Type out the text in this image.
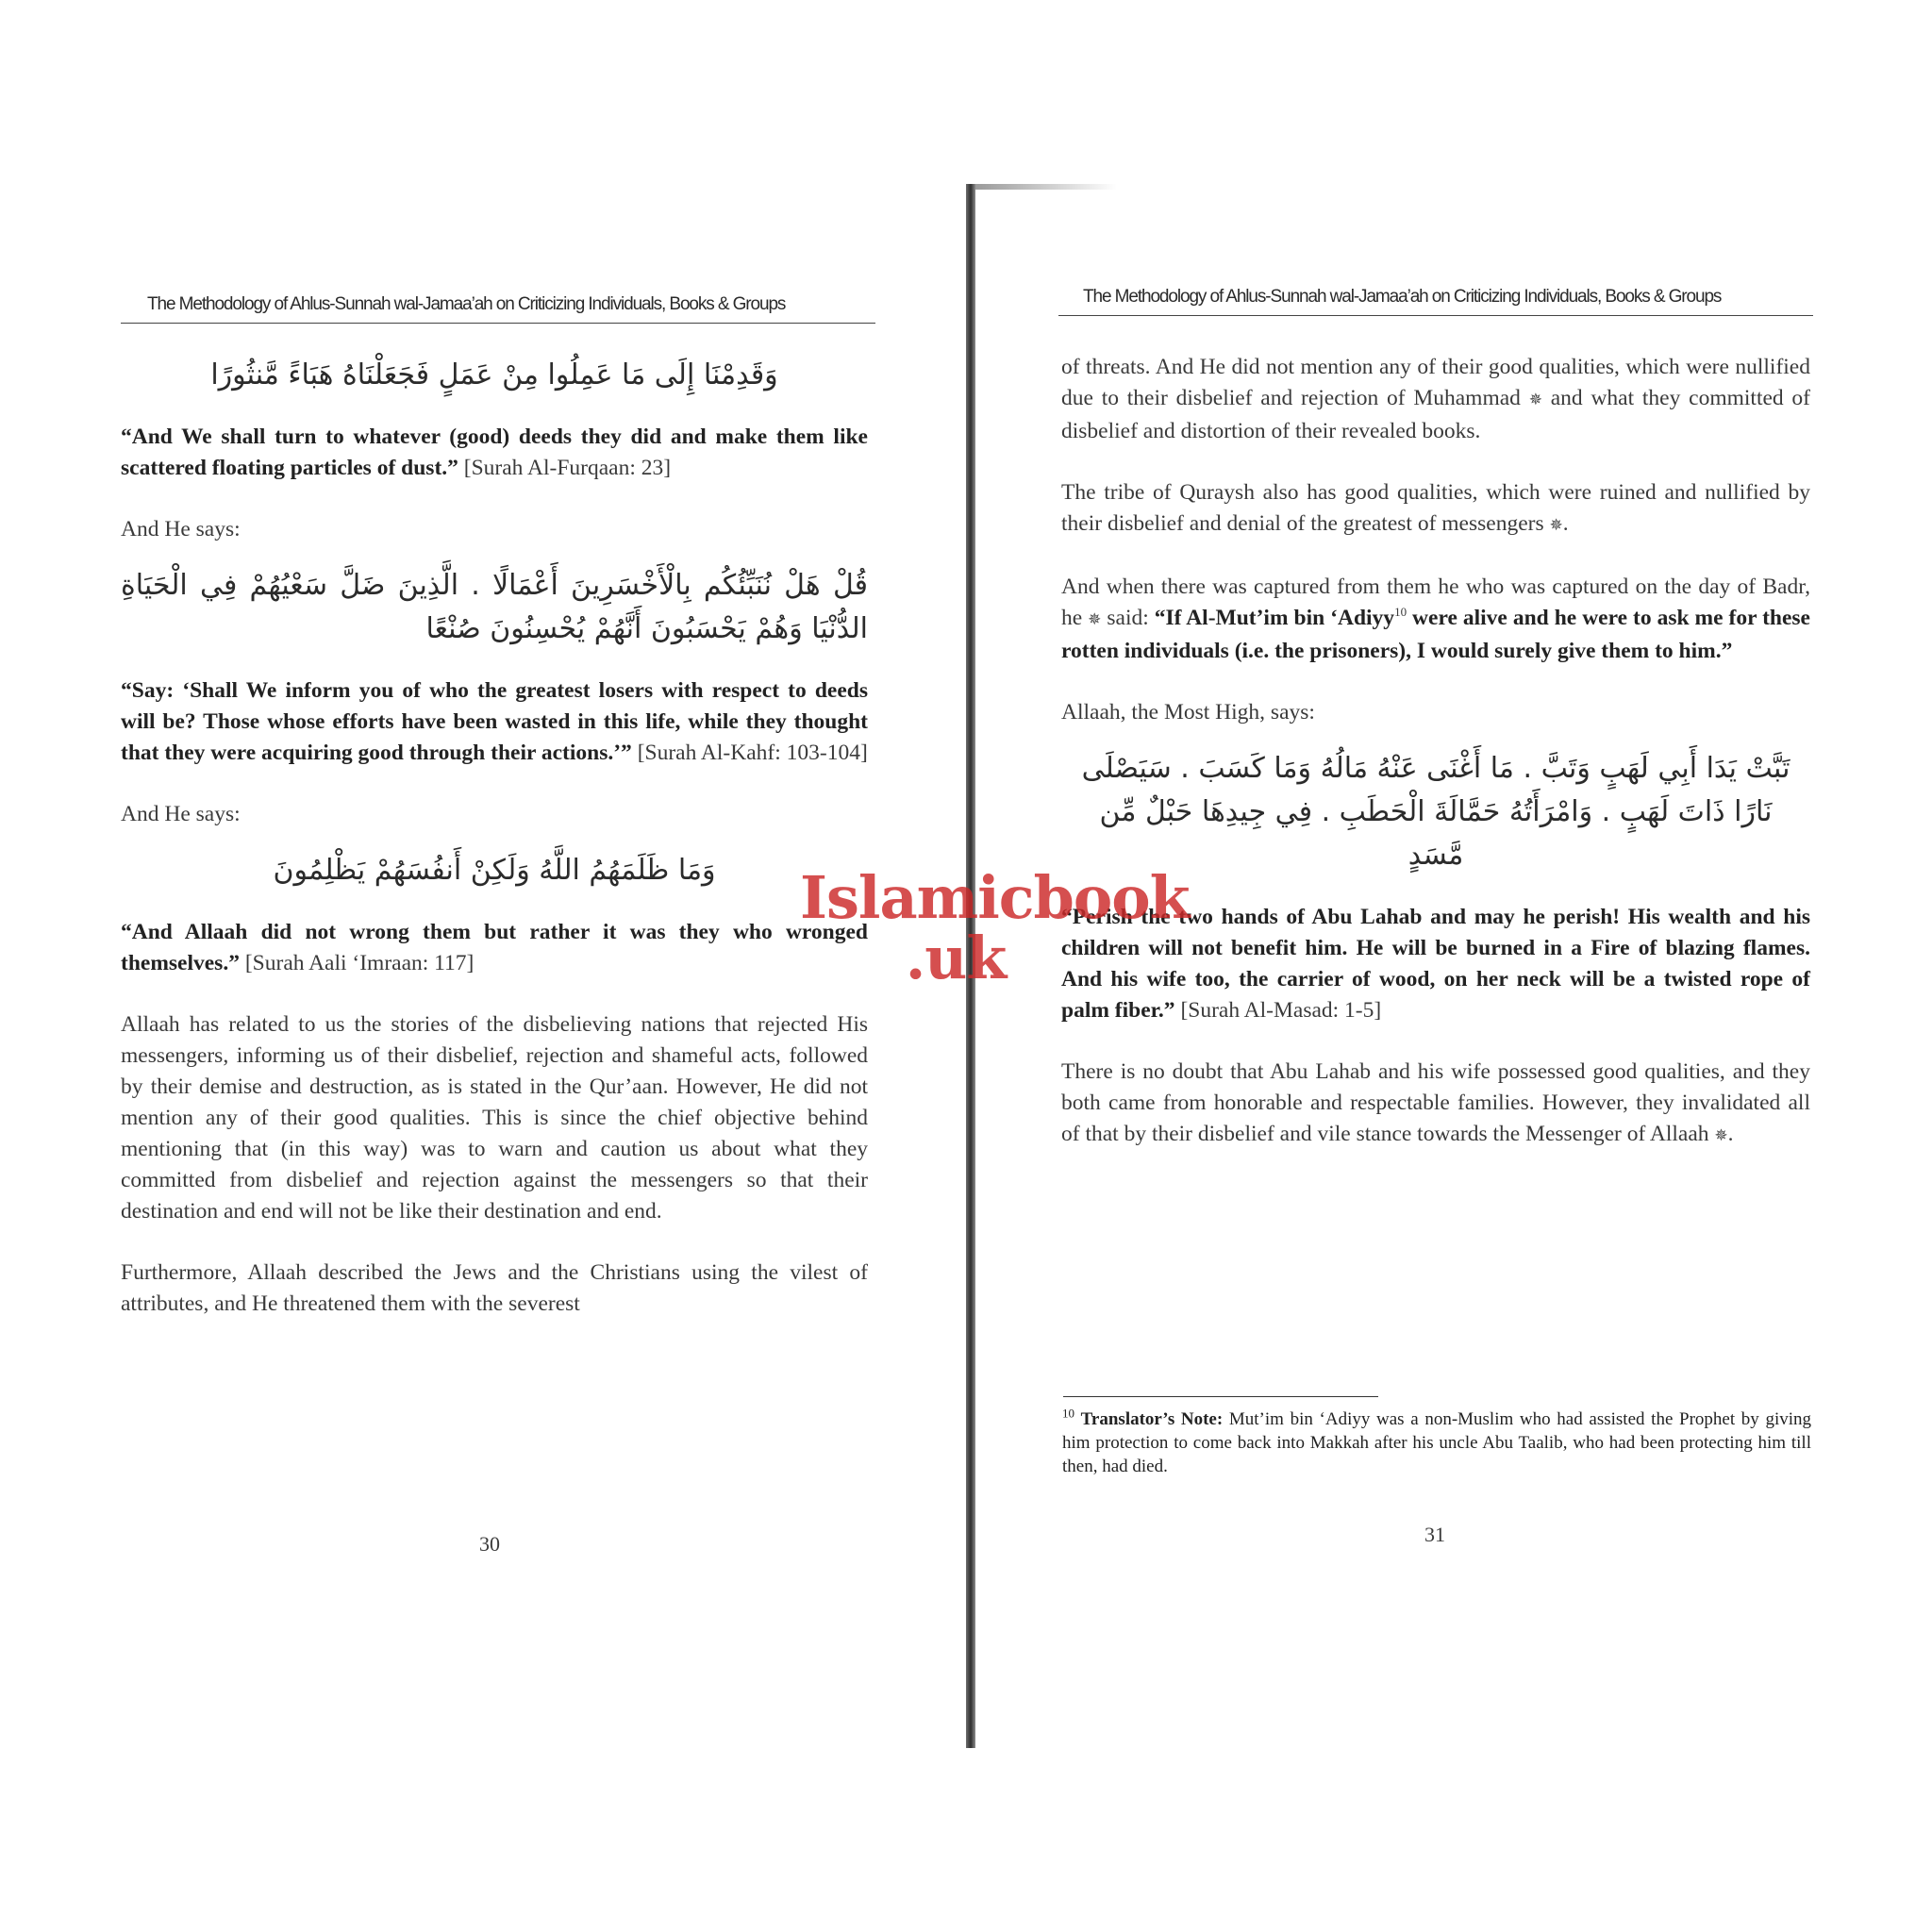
The Methodology of Ahlus-Sunnah wal-Jamaa’ah on Criticizing Individuals, Books & Groups
وَقَدِمْنَا إِلَى مَا عَمِلُوا مِنْ عَمَلٍ فَجَعَلْنَاهُ هَبَاءً مَّنثُورًا

“And We shall turn to whatever (good) deeds they did and make them like scattered floating particles of dust.” [Surah Al-Furqaan: 23]

And He says:

قُلْ هَلْ نُنَبِّئُكُم بِالْأَخْسَرِينَ أَعْمَالًا . الَّذِينَ ضَلَّ سَعْيُهُمْ فِي الْحَيَاةِ الدُّنْيَا وَهُمْ يَحْسَبُونَ أَنَّهُمْ يُحْسِنُونَ صُنْعًا

“Say: ‘Shall We inform you of who the greatest losers with respect to deeds will be? Those whose efforts have been wasted in this life, while they thought that they were acquiring good through their actions.’” [Surah Al-Kahf: 103-104]

And He says:

وَمَا ظَلَمَهُمُ اللَّهُ وَلَكِنْ أَنفُسَهُمْ يَظْلِمُونَ

“And Allaah did not wrong them but rather it was they who wronged themselves.” [Surah Aali ‘Imraan: 117]

Allaah has related to us the stories of the disbelieving nations that rejected His messengers, informing us of their disbelief, rejection and shameful acts, followed by their demise and destruction, as is stated in the Qur’aan. However, He did not mention any of their good qualities. This is since the chief objective behind mentioning that (in this way) was to warn and caution us about what they committed from disbelief and rejection against the messengers so that their destination and end will not be like their destination and end.

Furthermore, Allaah described the Jews and the Christians using the vilest of attributes, and He threatened them with the severest

30
The Methodology of Ahlus-Sunnah wal-Jamaa’ah on Criticizing Individuals, Books & Groups

of threats. And He did not mention any of their good qualities, which were nullified due to their disbelief and rejection of Muhammad ✵ and what they committed of disbelief and distortion of their revealed books.

The tribe of Quraysh also has good qualities, which were ruined and nullified by their disbelief and denial of the greatest of messengers ✵.

And when there was captured from them he who was captured on the day of Badr, he ✵ said: “If Al-Mut’im bin ‘Adiyy$^{10}$ were alive and he were to ask me for these rotten individuals (i.e. the prisoners), I would surely give them to him.”

Allaah, the Most High, says:

تَبَّتْ يَدَا أَبِي لَهَبٍ وَتَبَّ . مَا أَغْنَى عَنْهُ مَالُهُ وَمَا كَسَبَ . سَيَصْلَى نَارًا ذَاتَ لَهَبٍ . وَامْرَأَتُهُ حَمَّالَةَ الْحَطَبِ . فِي جِيدِهَا حَبْلٌ مِّن مَّسَدٍ

“Perish the two hands of Abu Lahab and may he perish! His wealth and his children will not benefit him. He will be burned in a Fire of blazing flames. And his wife too, the carrier of wood, on her neck will be a twisted rope of palm fiber.” [Surah Al-Masad: 1-5]

There is no doubt that Abu Lahab and his wife possessed good qualities, and they both came from honorable and respectable families. However, they invalidated all of that by their disbelief and vile stance towards the Messenger of Allaah ✵.

$^{10}$ Translator’s Note: Mut’im bin ‘Adiyy was a non-Muslim who had assisted the Prophet by giving him protection to come back into Makkah after his uncle Abu Taalib, who had been protecting him till then, had died.
31
Islamicbook
.uk
